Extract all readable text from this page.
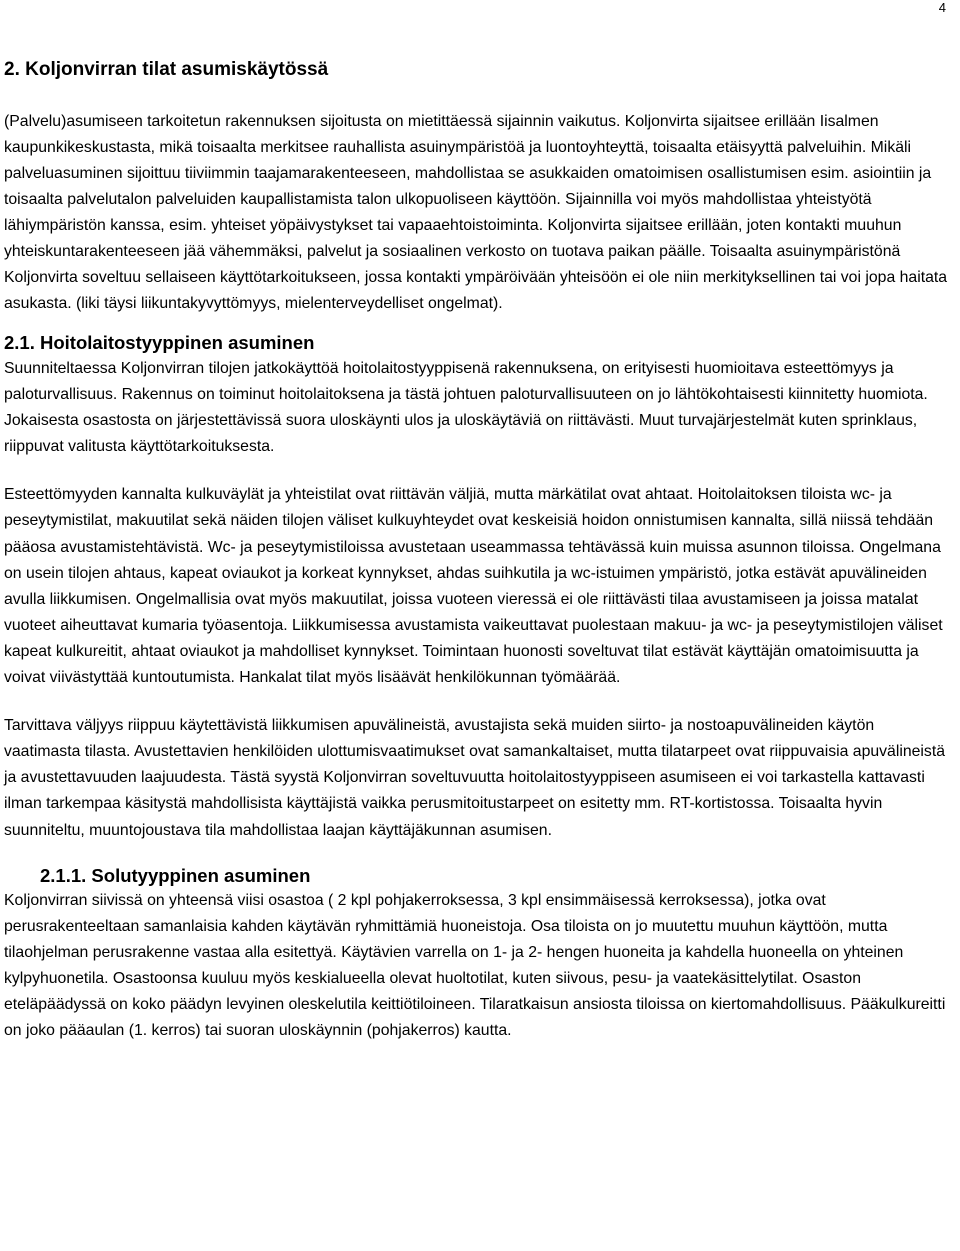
4
2. Koljonvirran tilat asumiskäytössä

(Palvelu)asumiseen tarkoitetun rakennuksen sijoitusta on mietittäessä sijainnin vaikutus. Koljonvirta sijaitsee erillään Iisalmen kaupunkikeskustasta, mikä toisaalta merkitsee rauhallista asuinympäristöä ja luontoyhteyttä, toisaalta etäisyyttä palveluihin. Mikäli palveluasuminen sijoittuu tiiviimmin taajamarakenteeseen, mahdollistaa se asukkaiden omatoimisen osallistumisen esim. asiointiin ja toisaalta palvelutalon palveluiden kaupallistamista talon ulkopuoliseen käyttöön. Sijainnilla voi myös mahdollistaa yhteistyötä lähiympäristön kanssa, esim. yhteiset yöpäivystykset tai vapaaehtoistoiminta. Koljonvirta sijaitsee erillään, joten kontakti muuhun yhteiskuntarakenteeseen jää vähemmäksi, palvelut ja sosiaalinen verkosto on tuotava paikan päälle. Toisaalta asuinympäristönä Koljonvirta soveltuu sellaiseen käyttötarkoitukseen, jossa kontakti ympäröivään yhteisöön ei ole niin merkityksellinen tai voi jopa haitata asukasta. (liki täysi liikuntakyvyttömyys, mielenterveydelliset ongelmat).

2.1. Hoitolaitostyyppinen asuminen

Suunniteltaessa Koljonvirran tilojen jatkokäyttöä hoitolaitostyyppisenä rakennuksena, on erityisesti huomioitava esteettömyys ja paloturvallisuus. Rakennus on toiminut hoitolaitoksena ja tästä johtuen paloturvallisuuteen on jo lähtökohtaisesti kiinnitetty huomiota. Jokaisesta osastosta on järjestettävissä suora uloskäynti ulos ja uloskäytäviä on riittävästi. Muut turvajärjestelmät kuten sprinklaus, riippuvat valitusta käyttötarkoituksesta.

Esteettömyyden kannalta kulkuväylät ja yhteistilat ovat riittävän väljiä, mutta märkätilat ovat ahtaat. Hoitolaitoksen tiloista wc- ja peseytymistilat, makuutilat sekä näiden tilojen väliset kulkuyhteydet ovat keskeisiä hoidon onnistumisen kannalta, sillä niissä tehdään pääosa avustamistehtävistä. Wc- ja peseytymistiloissa avustetaan useammassa tehtävässä kuin muissa asunnon tiloissa. Ongelmana on usein tilojen ahtaus, kapeat oviaukot ja korkeat kynnykset, ahdas suihkutila ja wc-istuimen ympäristö, jotka estävät apuvälineiden avulla liikkumisen. Ongelmallisia ovat myös makuutilat, joissa vuoteen vieressä ei ole riittävästi tilaa avustamiseen ja joissa matalat vuoteet aiheuttavat kumaria työasentoja. Liikkumisessa avustamista vaikeuttavat puolestaan makuu- ja wc- ja peseytymistilojen väliset kapeat kulkureitit, ahtaat oviaukot ja mahdolliset kynnykset. Toimintaan huonosti soveltuvat tilat estävät käyttäjän omatoimisuutta ja voivat viivästyttää kuntoutumista. Hankalat tilat myös lisäävät henkilökunnan työmäärää.

Tarvittava väljyys riippuu käytettävistä liikkumisen apuvälineistä, avustajista sekä muiden siirto- ja nostoapuvälineiden käytön vaatimasta tilasta. Avustettavien henkilöiden ulottumisvaatimukset ovat samankaltaiset, mutta tilatarpeet ovat riippuvaisia apuvälineistä ja avustettavuuden laajuudesta. Tästä syystä Koljonvirran soveltuvuutta hoitolaitostyyppiseen asumiseen ei voi tarkastella kattavasti ilman tarkempaa käsitystä mahdollisista käyttäjistä vaikka perusmitoitustarpeet on esitetty mm. RT-kortistossa. Toisaalta hyvin suunniteltu, muuntojoustava tila mahdollistaa laajan käyttäjäkunnan asumisen.

2.1.1. Solutyyppinen asuminen

Koljonvirran siivissä on yhteensä viisi osastoa ( 2 kpl pohjakerroksessa, 3 kpl ensimmäisessä kerroksessa), jotka ovat perusrakenteeltaan samanlaisia kahden käytävän ryhmittämiä huoneistoja. Osa tiloista on jo muutettu muuhun käyttöön, mutta tilaohjelman perusrakenne vastaa alla esitettyä. Käytävien varrella on 1- ja 2- hengen huoneita ja kahdella huoneella on yhteinen kylpyhuonetila. Osastoonsa kuuluu myös keskialueella olevat huoltotilat, kuten siivous, pesu- ja vaatekäsittelytilat. Osaston eteläpäädyssä on koko päädyn levyinen oleskelutila keittiötiloineen. Tilaratkaisun ansiosta tiloissa on kiertomahdollisuus. Pääkulkureitti on joko pääaulan (1. kerros) tai suoran uloskäynnin (pohjakerros) kautta.
